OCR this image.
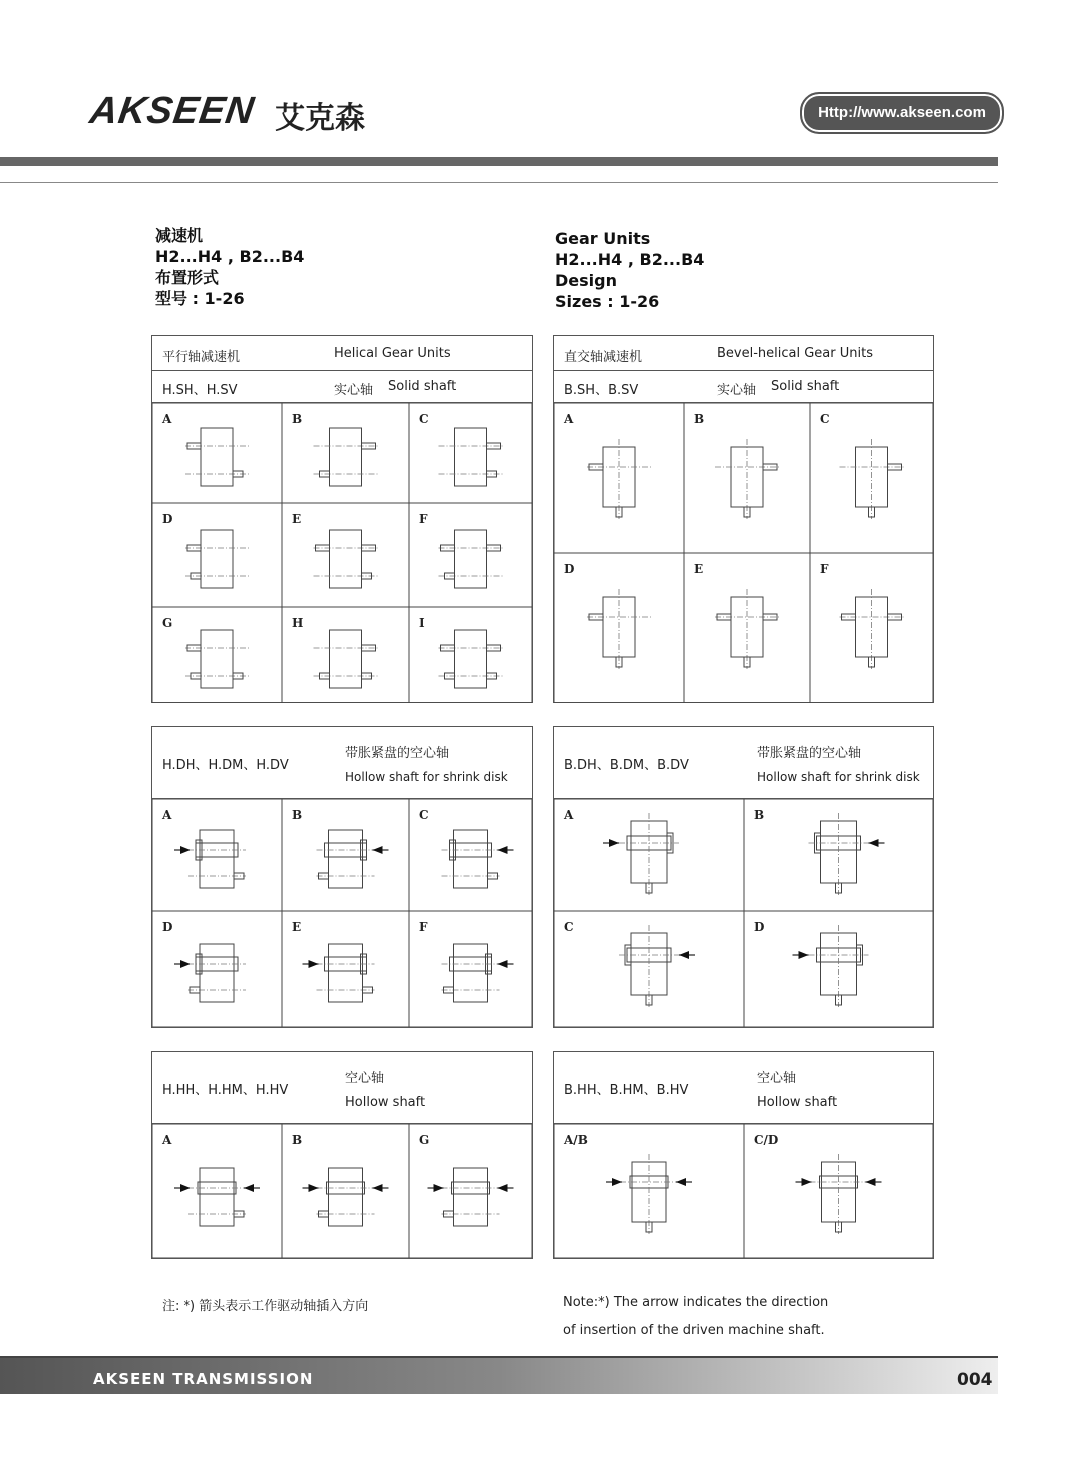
AKSEEN 艾克森	Http://www.akseen.com
减速机
H2...H4 , B2...B4
布置形式
型号 : 1-26
Gear Units
H2...H4 , B2...B4
Design
Sizes : 1-26
平行轴减速机	Helical Gear Units
H.SH、H.SV	实心轴 Solid shaft
A	B	C
D	E	F
G	H	I
直交轴减速机	Bevel-helical Gear Units
B.SH、B.SV	实心轴 Solid shaft
A	B	C
D	E	F
H.DH、H.DM、H.DV
带胀紧盘的空心轴
Hollow shaft for shrink disk
A	B	C
D	E	F
B.DH、B.DM、B.DV
带胀紧盘的空心轴
Hollow shaft for shrink disk
A	B
C	D
H.HH、H.HM、H.HV
空心轴
Hollow shaft
A	B	G
B.HH、B.HM、B.HV
空心轴
Hollow shaft
A/B	C/D
注: *) 箭头表示工作驱动轴插入方向	Note:*) The arrow indicates the direction
of insertion of the driven machine shaft.
AKSEEN TRANSMISSION	004
